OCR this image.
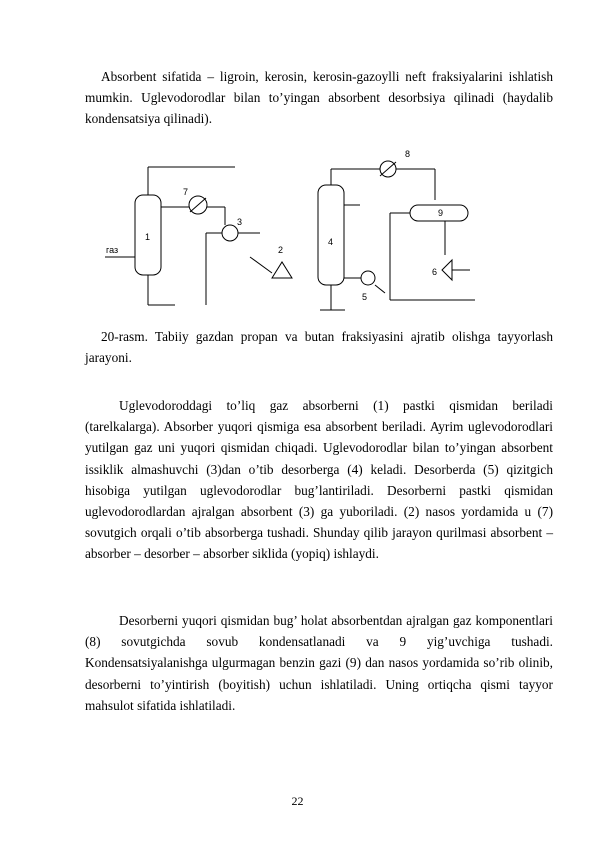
Absorbent sifatida – ligroin, kerosin, kerosin-gazoylli neft fraksiyalarini ishlatish mumkin. Uglevodorodlar bilan to’yingan absorbent desorbsiya qilinadi (haydalib kondensatsiya qilinadi).

1
3
2
4
5
6
7
8
9
газ

20-rasm. Tabiiy gazdan propan va butan fraksiyasini ajratib olishga tayyorlash jarayoni.

Uglevodoroddagi to’liq gaz absorberni (1) pastki qismidan beriladi (tarelkalarga). Absorber yuqori qismiga esa absorbent beriladi. Ayrim uglevodorodlari yutilgan gaz uni yuqori qismidan chiqadi. Uglevodorodlar bilan to’yingan absorbent issiklik almashuvchi (3)dan o’tib desorberga (4) keladi. Desorberda (5) qizitgich hisobiga yutilgan uglevodorodlar bug’lantiriladi. Desorberni pastki qismidan uglevodorodlardan ajralgan absorbent (3) ga yuboriladi. (2) nasos yordamida u (7) sovutgich orqali o’tib absorberga tushadi. Shunday qilib jarayon qurilmasi absorbent – absorber – desorber – absorber siklida (yopiq) ishlaydi.

Desorberni yuqori qismidan bug’ holat absorbentdan ajralgan gaz komponentlari (8) sovutgichda sovub kondensatlanadi va 9 yig’uvchiga tushadi. Kondensatsiyalanishga ulgurmagan benzin gazi (9) dan nasos yordamida so’rib olinib, desorberni to’yintirish (boyitish) uchun ishlatiladi. Uning ortiqcha qismi tayyor mahsulot sifatida ishlatiladi.

22
